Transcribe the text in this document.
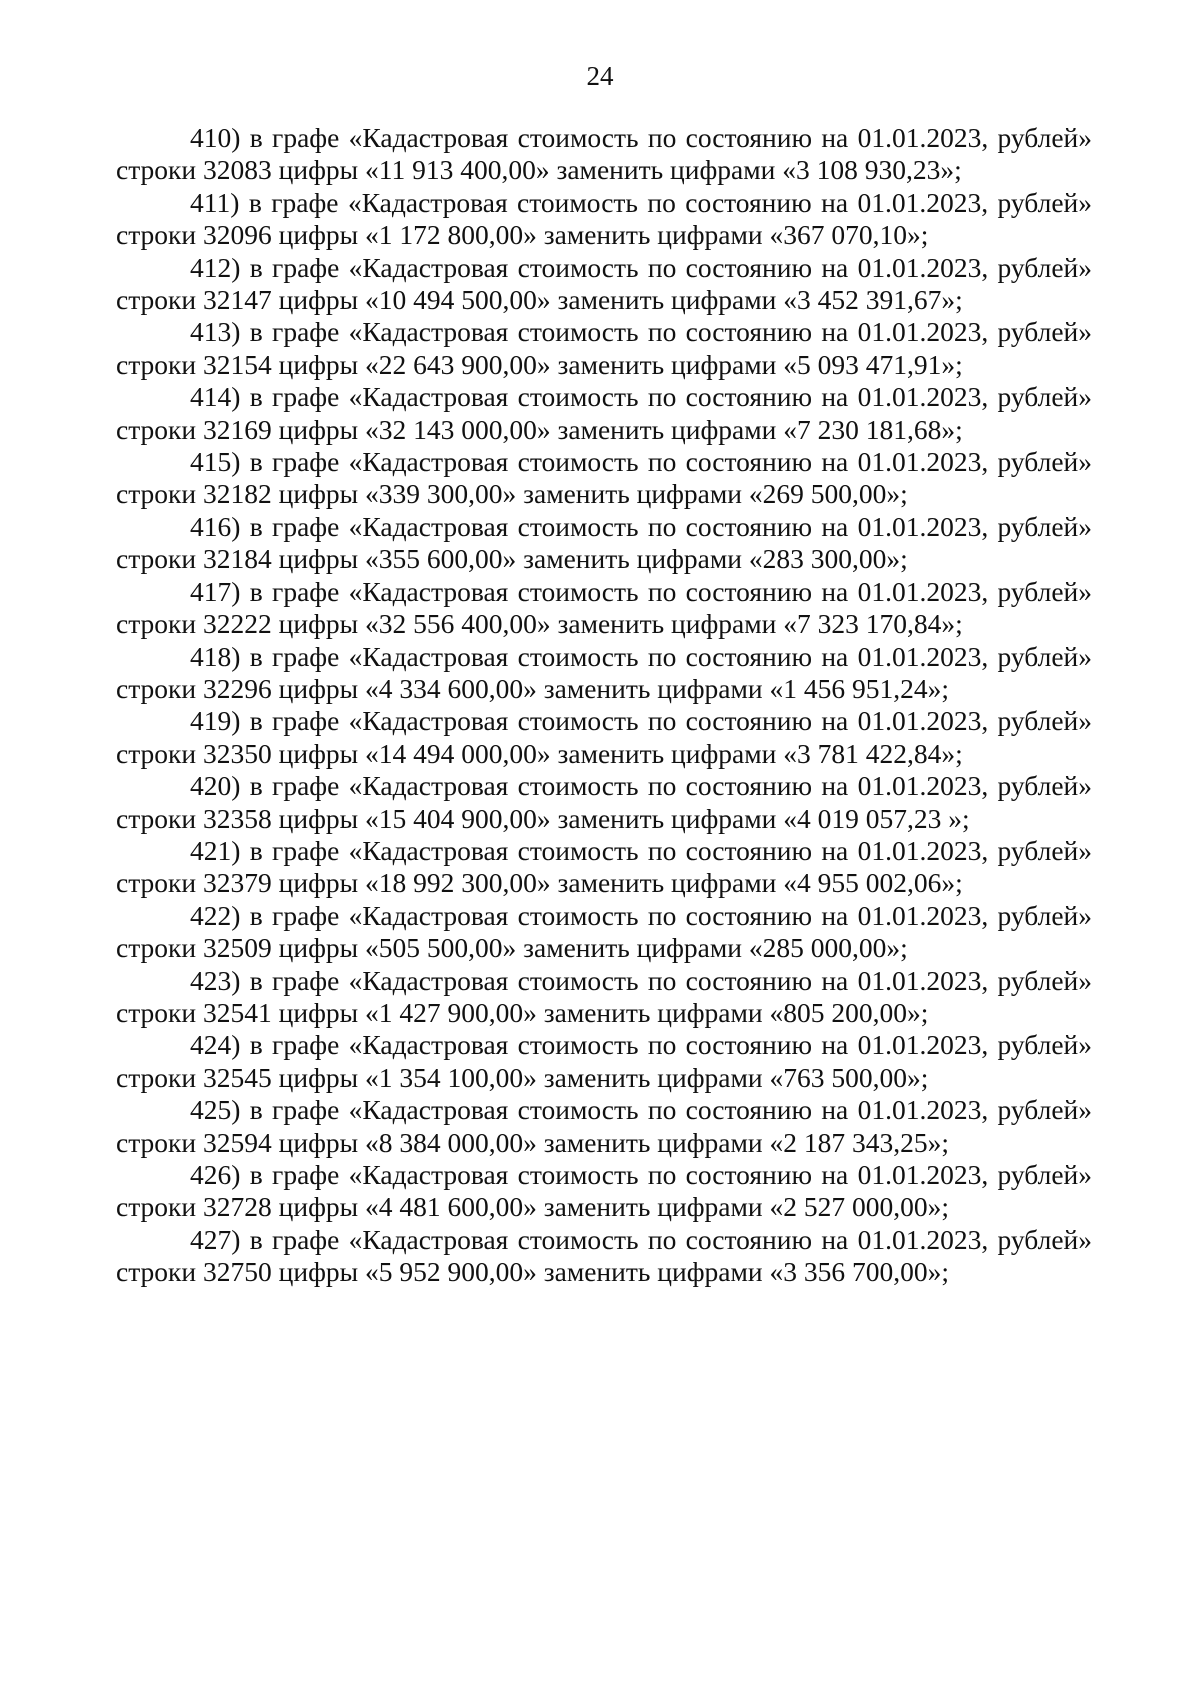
24

410) в графе «Кадастровая стоимость по состоянию на 01.01.2023, рублей» строки 32083 цифры «11 913 400,00» заменить цифрами «3 108 930,23»;

411) в графе «Кадастровая стоимость по состоянию на 01.01.2023, рублей» строки 32096 цифры «1 172 800,00» заменить цифрами «367 070,10»;

412) в графе «Кадастровая стоимость по состоянию на 01.01.2023, рублей» строки 32147 цифры «10 494 500,00» заменить цифрами «3 452 391,67»;

413) в графе «Кадастровая стоимость по состоянию на 01.01.2023, рублей» строки 32154 цифры «22 643 900,00» заменить цифрами «5 093 471,91»;

414) в графе «Кадастровая стоимость по состоянию на 01.01.2023, рублей» строки 32169 цифры «32 143 000,00» заменить цифрами «7 230 181,68»;

415) в графе «Кадастровая стоимость по состоянию на 01.01.2023, рублей» строки 32182 цифры «339 300,00» заменить цифрами «269 500,00»;

416) в графе «Кадастровая стоимость по состоянию на 01.01.2023, рублей» строки 32184 цифры «355 600,00» заменить цифрами «283 300,00»;

417) в графе «Кадастровая стоимость по состоянию на 01.01.2023, рублей» строки 32222 цифры «32 556 400,00» заменить цифрами «7 323 170,84»;

418) в графе «Кадастровая стоимость по состоянию на 01.01.2023, рублей» строки 32296 цифры «4 334 600,00» заменить цифрами «1 456 951,24»;

419) в графе «Кадастровая стоимость по состоянию на 01.01.2023, рублей» строки 32350 цифры «14 494 000,00» заменить цифрами «3 781 422,84»;

420) в графе «Кадастровая стоимость по состоянию на 01.01.2023, рублей» строки 32358 цифры «15 404 900,00» заменить цифрами «4 019 057,23 »;

421) в графе «Кадастровая стоимость по состоянию на 01.01.2023, рублей» строки 32379 цифры «18 992 300,00» заменить цифрами «4 955 002,06»;

422) в графе «Кадастровая стоимость по состоянию на 01.01.2023, рублей» строки 32509 цифры «505 500,00» заменить цифрами «285 000,00»;

423) в графе «Кадастровая стоимость по состоянию на 01.01.2023, рублей» строки 32541 цифры «1 427 900,00» заменить цифрами «805 200,00»;

424) в графе «Кадастровая стоимость по состоянию на 01.01.2023, рублей» строки 32545 цифры «1 354 100,00» заменить цифрами «763 500,00»;

425) в графе «Кадастровая стоимость по состоянию на 01.01.2023, рублей» строки 32594 цифры «8 384 000,00» заменить цифрами «2 187 343,25»;

426) в графе «Кадастровая стоимость по состоянию на 01.01.2023, рублей» строки 32728 цифры «4 481 600,00» заменить цифрами «2 527 000,00»;

427) в графе «Кадастровая стоимость по состоянию на 01.01.2023, рублей» строки 32750 цифры «5 952 900,00» заменить цифрами «3 356 700,00»;
